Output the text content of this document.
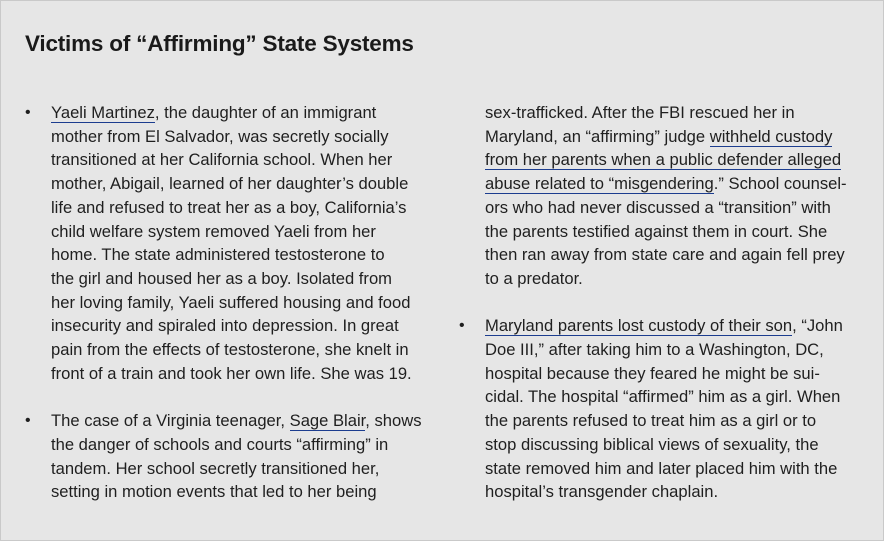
Victims of “Affirming” State Systems
• Yaeli Martinez, the daughter of an immigrant
mother from El Salvador, was secretly socially
transitioned at her California school. When her
mother, Abigail, learned of her daughter’s double
life and refused to treat her as a boy, California’s
child welfare system removed Yaeli from her
home. The state administered testosterone to
the girl and housed her as a boy. Isolated from
her loving family, Yaeli suffered housing and food
insecurity and spiraled into depression. In great
pain from the effects of testosterone, she knelt in
front of a train and took her own life. She was 19.
• The case of a Virginia teenager, Sage Blair, shows
the danger of schools and courts “affirming” in
tandem. Her school secretly transitioned her,
setting in motion events that led to her being
sex-trafficked. After the FBI rescued her in
Maryland, an “affirming” judge withheld custody
from her parents when a public defender alleged
abuse related to “misgendering.” School counsel-
ors who had never discussed a “transition” with
the parents testified against them in court. She
then ran away from state care and again fell prey
to a predator.
• Maryland parents lost custody of their son, “John
Doe III,” after taking him to a Washington, DC,
hospital because they feared he might be sui-
cidal. The hospital “affirmed” him as a girl. When
the parents refused to treat him as a girl or to
stop discussing biblical views of sexuality, the
state removed him and later placed him with the
hospital’s transgender chaplain.
